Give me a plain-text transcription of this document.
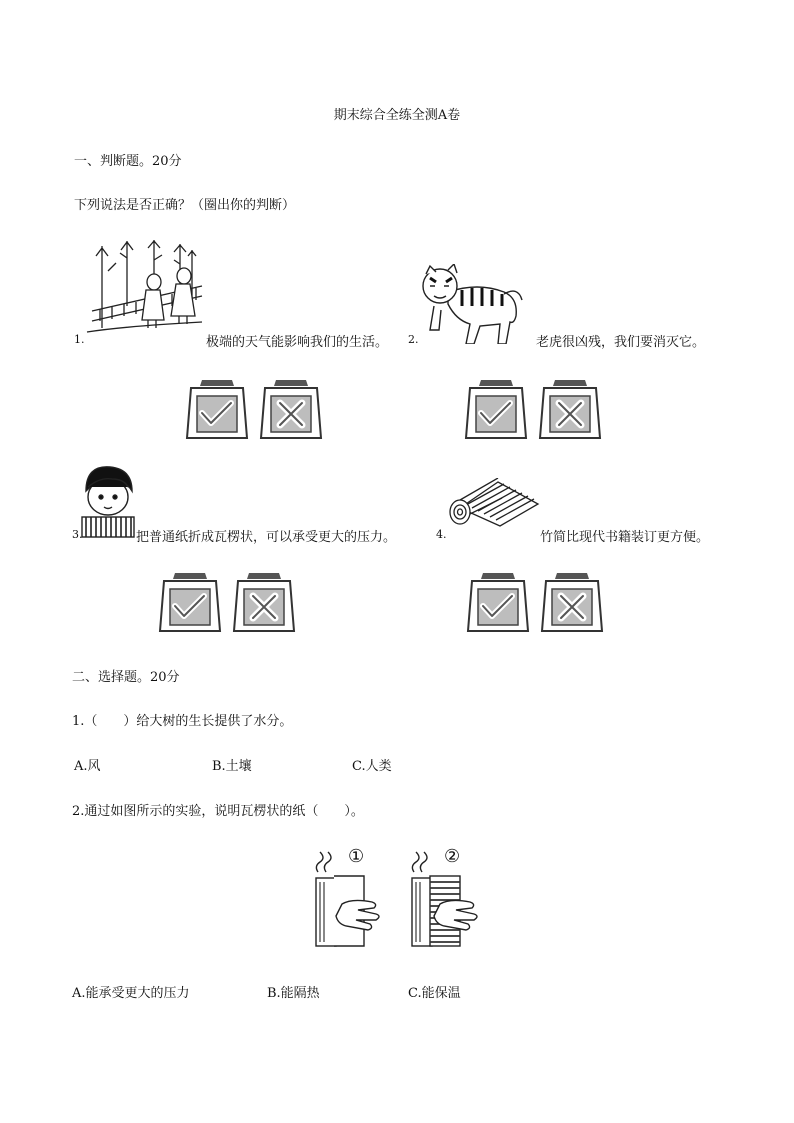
期末综合全练全测A卷
一、判断题。20分
下列说法是否正确？（圈出你的判断）
1.	极端的天气能影响我们的生活。 2.	老虎很凶残，我们要消灭它。
3.	把普通纸折成瓦楞状，可以承受更大的压力。	4.	竹简比现代书籍装订更方便。
二、选择题。20分
1.（　　）给大树的生长提供了水分。
A.风	B.土壤	C.人类
2.通过如图所示的实验，说明瓦楞状的纸（　　）。
①	②
A.能承受更大的压力	B.能隔热	C.能保温
